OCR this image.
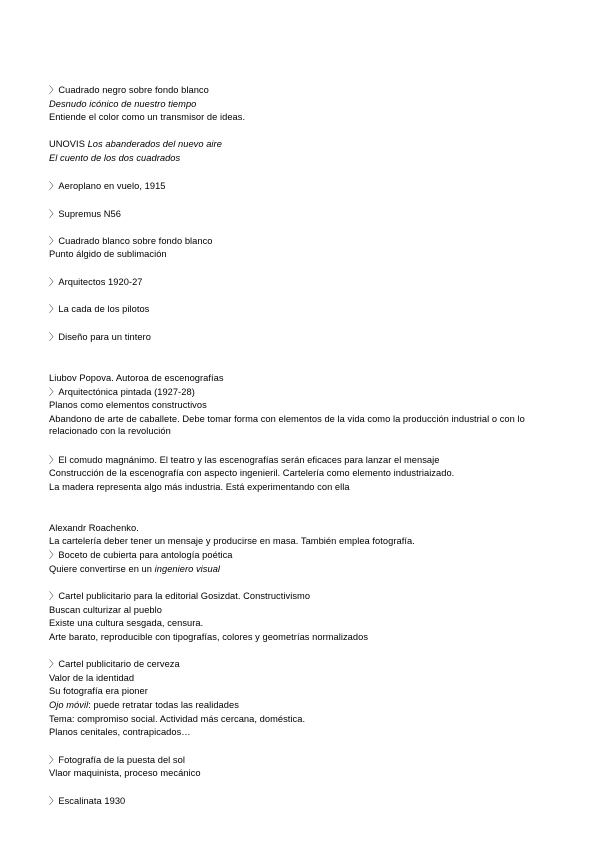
〉Cuadrado negro sobre fondo blanco
Desnudo icónico de nuestro tiempo
Entiende el color como un transmisor de ideas.
UNOVIS Los abanderados del nuevo aire
El cuento de los dos cuadrados
〉Aeroplano en vuelo, 1915
〉Supremus N56
〉Cuadrado blanco sobre fondo blanco
Punto álgido de sublimación
〉Arquitectos 1920-27
〉La cada de los pilotos
〉Diseño para un tintero
Liubov Popova. Autoroa de escenografías
〉Arquitectónica pintada (1927-28)
Planos como elementos constructivos
Abandono de arte de caballete. Debe tomar forma con elementos de la vida como la producción industrial o con lo relacionado con la revolución
〉El comudo magnánimo. El teatro y las escenografías serán eficaces para lanzar el mensaje
Construcción de la escenografía con aspecto ingenieril. Cartelería como elemento industriaizado.
La madera representa algo más industria. Está experimentando con ella
Alexandr Roachenko.
La cartelería deber tener un mensaje y producirse en masa. También emplea fotografía.
〉Boceto de cubierta para antología poética
Quiere convertirse en un ingeniero visual
〉Cartel publicitario para la editorial Gosizdat. Constructivismo
Buscan culturizar al pueblo
Existe una cultura sesgada, censura.
Arte barato, reproducible con tipografías, colores y geometrías normalizados
〉Cartel publicitario de cerveza
Valor de la identidad
Su fotografía era pioner
Ojo móvil: puede retratar todas las realidades
Tema: compromiso social. Actividad más cercana, doméstica.
Planos cenitales, contrapicados…
〉Fotografía de la puesta del sol
Vlaor maquinista, proceso mecánico
〉Escalinata 1930
